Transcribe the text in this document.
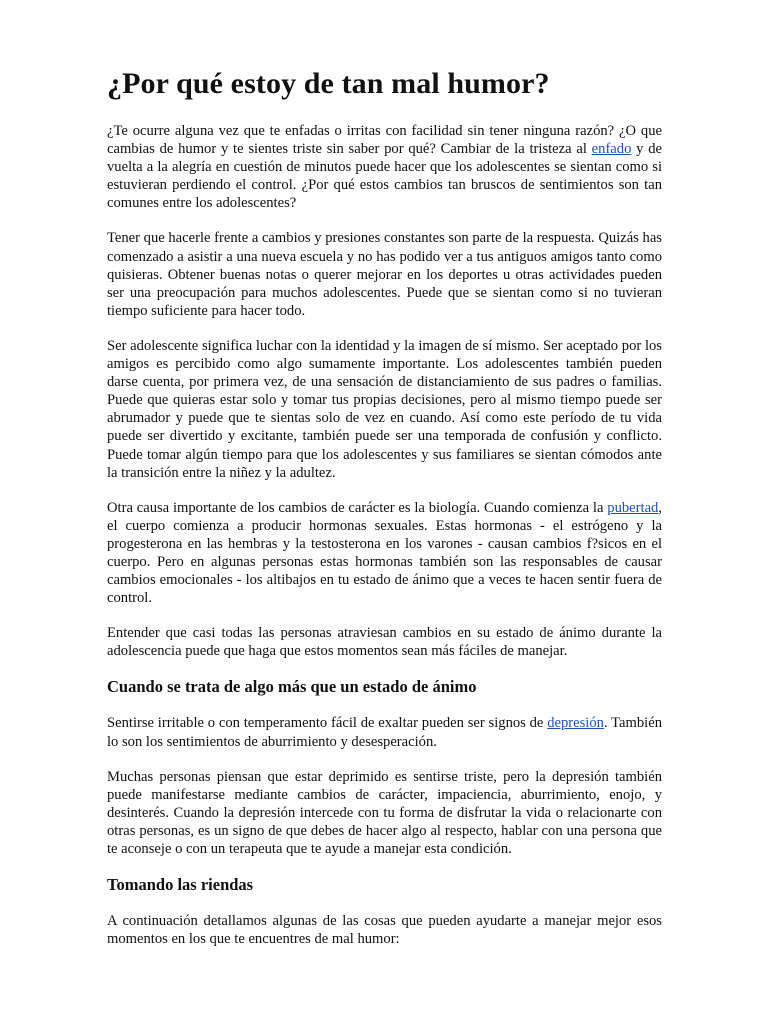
¿Por qué estoy de tan mal humor?

¿Te ocurre alguna vez que te enfadas o irritas con facilidad sin tener ninguna razón? ¿O que cambias de humor y te sientes triste sin saber por qué? Cambiar de la tristeza al enfado y de vuelta a la alegría en cuestión de minutos puede hacer que los adolescentes se sientan como si estuvieran perdiendo el control. ¿Por qué estos cambios tan bruscos de sentimientos son tan comunes entre los adolescentes?

Tener que hacerle frente a cambios y presiones constantes son parte de la respuesta. Quizás has comenzado a asistir a una nueva escuela y no has podido ver a tus antiguos amigos tanto como quisieras. Obtener buenas notas o querer mejorar en los deportes u otras actividades pueden ser una preocupación para muchos adolescentes. Puede que se sientan como si no tuvieran tiempo suficiente para hacer todo.

Ser adolescente significa luchar con la identidad y la imagen de sí mismo. Ser aceptado por los amigos es percibido como algo sumamente importante. Los adolescentes también pueden darse cuenta, por primera vez, de una sensación de distanciamiento de sus padres o familias. Puede que quieras estar solo y tomar tus propias decisiones, pero al mismo tiempo puede ser abrumador y puede que te sientas solo de vez en cuando. Así como este período de tu vida puede ser divertido y excitante, también puede ser una temporada de confusión y conflicto. Puede tomar algún tiempo para que los adolescentes y sus familiares se sientan cómodos ante la transición entre la niñez y la adultez.

Otra causa importante de los cambios de carácter es la biología. Cuando comienza la pubertad, el cuerpo comienza a producir hormonas sexuales. Estas hormonas - el estrógeno y la progesterona en las hembras y la testosterona en los varones - causan cambios f?sicos en el cuerpo. Pero en algunas personas estas hormonas también son las responsables de causar cambios emocionales - los altibajos en tu estado de ánimo que a veces te hacen sentir fuera de control.

Entender que casi todas las personas atraviesan cambios en su estado de ánimo durante la adolescencia puede que haga que estos momentos sean más fáciles de manejar.

Cuando se trata de algo más que un estado de ánimo

Sentirse irritable o con temperamento fácil de exaltar pueden ser signos de depresión. También lo son los sentimientos de aburrimiento y desesperación.

Muchas personas piensan que estar deprimido es sentirse triste, pero la depresión también puede manifestarse mediante cambios de carácter, impaciencia, aburrimiento, enojo, y desinterés. Cuando la depresión intercede con tu forma de disfrutar la vida o relacionarte con otras personas, es un signo de que debes de hacer algo al respecto, hablar con una persona que te aconseje o con un terapeuta que te ayude a manejar esta condición.

Tomando las riendas

A continuación detallamos algunas de las cosas que pueden ayudarte a manejar mejor esos momentos en los que te encuentres de mal humor:
